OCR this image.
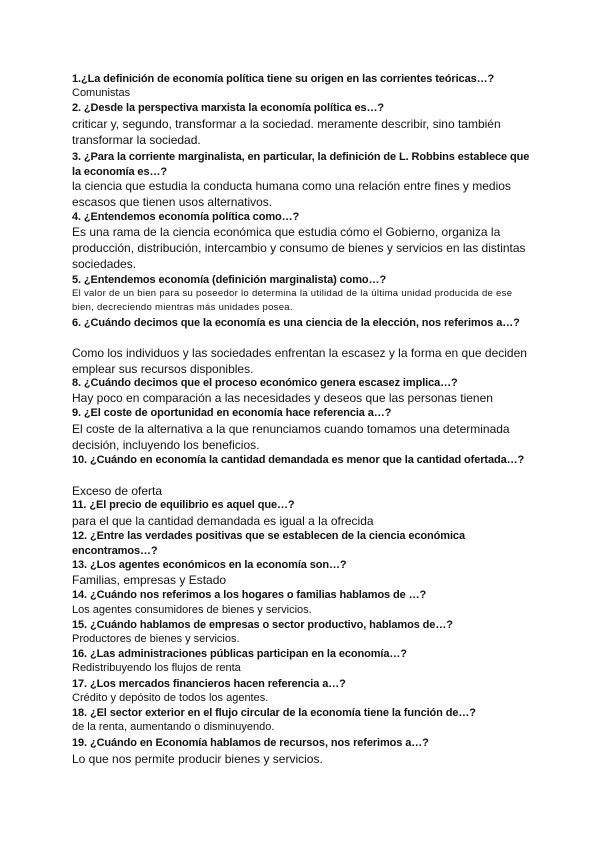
1.¿La definición de economía política tiene su origen en las corrientes teóricas…?

Comunistas

2. ¿Desde la perspectiva marxista la economía política es…?

criticar y, segundo, transformar a la sociedad. meramente describir, sino también transformar la sociedad.

3. ¿Para la corriente marginalista, en particular, la definición de L. Robbins establece que la economía es…?

la ciencia que estudia la conducta humana como una relación entre fines y medios escasos que tienen usos alternativos.

4. ¿Entendemos economía política como…?

Es una rama de la ciencia económica que estudia cómo el Gobierno, organiza la producción, distribución, intercambio y consumo de bienes y servicios en las distintas sociedades.

5. ¿Entendemos economía (definición marginalista) como…?

El valor de un bien para su poseedor lo determina la utilidad de la última unidad producida de ese bien, decreciendo mientras más unidades posea.

6. ¿Cuándo decimos que la economía es una ciencia de la elección, nos referimos a…?

Como los individuos y las sociedades enfrentan la escasez y la forma en que deciden emplear sus recursos disponibles.

8. ¿Cuándo decimos que el proceso económico genera escasez implica…?

Hay poco en comparación a las necesidades y deseos que las personas tienen

9. ¿El coste de oportunidad en economía hace referencia a…?

El coste de la alternativa a la que renunciamos cuando tomamos una determinada decisión, incluyendo los beneficios.

10. ¿Cuándo en economía la cantidad demandada es menor que la cantidad ofertada…?

Exceso de oferta

11. ¿El precio de equilibrio es aquel que…?

para el que la cantidad demandada es igual a la ofrecida

12. ¿Entre las verdades positivas que se establecen de la ciencia económica encontramos…?

13. ¿Los agentes económicos en la economía son…?

Familias, empresas y Estado

14. ¿Cuándo nos referimos a los hogares o familias hablamos de …?

Los agentes consumidores de bienes y servicios.

15. ¿Cuándo hablamos de empresas o sector productivo, hablamos de…?

Productores de bienes y servicios.

16. ¿Las administraciones públicas participan en la economía…?

Redistribuyendo los flujos de renta

17. ¿Los mercados financieros hacen referencia a…?

Crédito y depósito de todos los agentes.

18. ¿El sector exterior en el flujo circular de la economía tiene la función de…?

de la renta, aumentando o disminuyendo.

19. ¿Cuándo en Economía hablamos de recursos, nos referimos a…?

Lo que nos permite producir bienes y servicios.
